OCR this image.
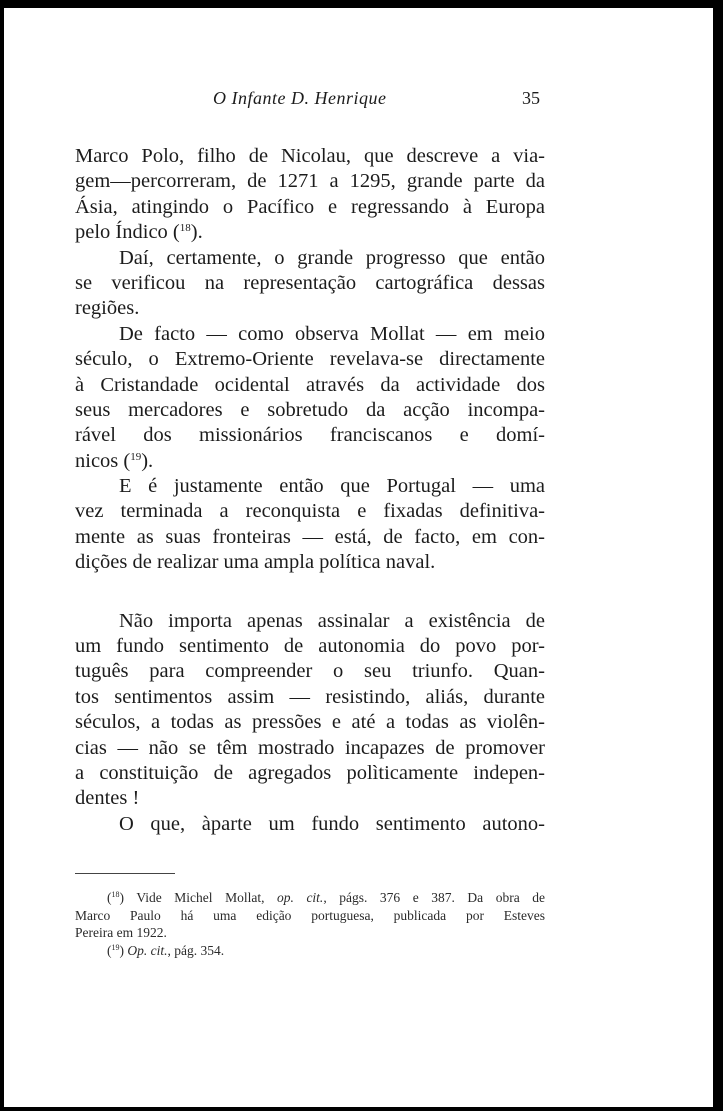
O Infante D. Henrique	35
Marco Polo, filho de Nicolau, que descreve a via-
gem—percorreram, de 1271 a 1295, grande parte da
Ásia, atingindo o Pacífico e regressando à Europa
pelo Índico ($^{18}$).
Daí, certamente, o grande progresso que então
se verificou na representação cartográfica dessas
regiões.
De facto — como observa Mollat — em meio
século, o Extremo-Oriente revelava-se directamente
à Cristandade ocidental através da actividade dos
seus mercadores e sobretudo da acção incompa-
rável dos missionários franciscanos e domí-
nicos ($^{19}$).
E é justamente então que Portugal — uma
vez terminada a reconquista e fixadas definitiva-
mente as suas fronteiras — está, de facto, em con-
dições de realizar uma ampla política naval.
Não importa apenas assinalar a existência de
um fundo sentimento de autonomia do povo por-
tuguês para compreender o seu triunfo. Quan-
tos sentimentos assim — resistindo, aliás, durante
séculos, a todas as pressões e até a todas as violên-
cias — não se têm mostrado incapazes de promover
a constituição de agregados polìticamente indepen-
dentes !
O que, àparte um fundo sentimento autono-
($^{18}$) Vide Michel Mollat, op. cit., págs. 376 e 387. Da obra de
Marco Paulo há uma edição portuguesa, publicada por Esteves
Pereira em 1922.
($^{19}$) Op. cit., pág. 354.
